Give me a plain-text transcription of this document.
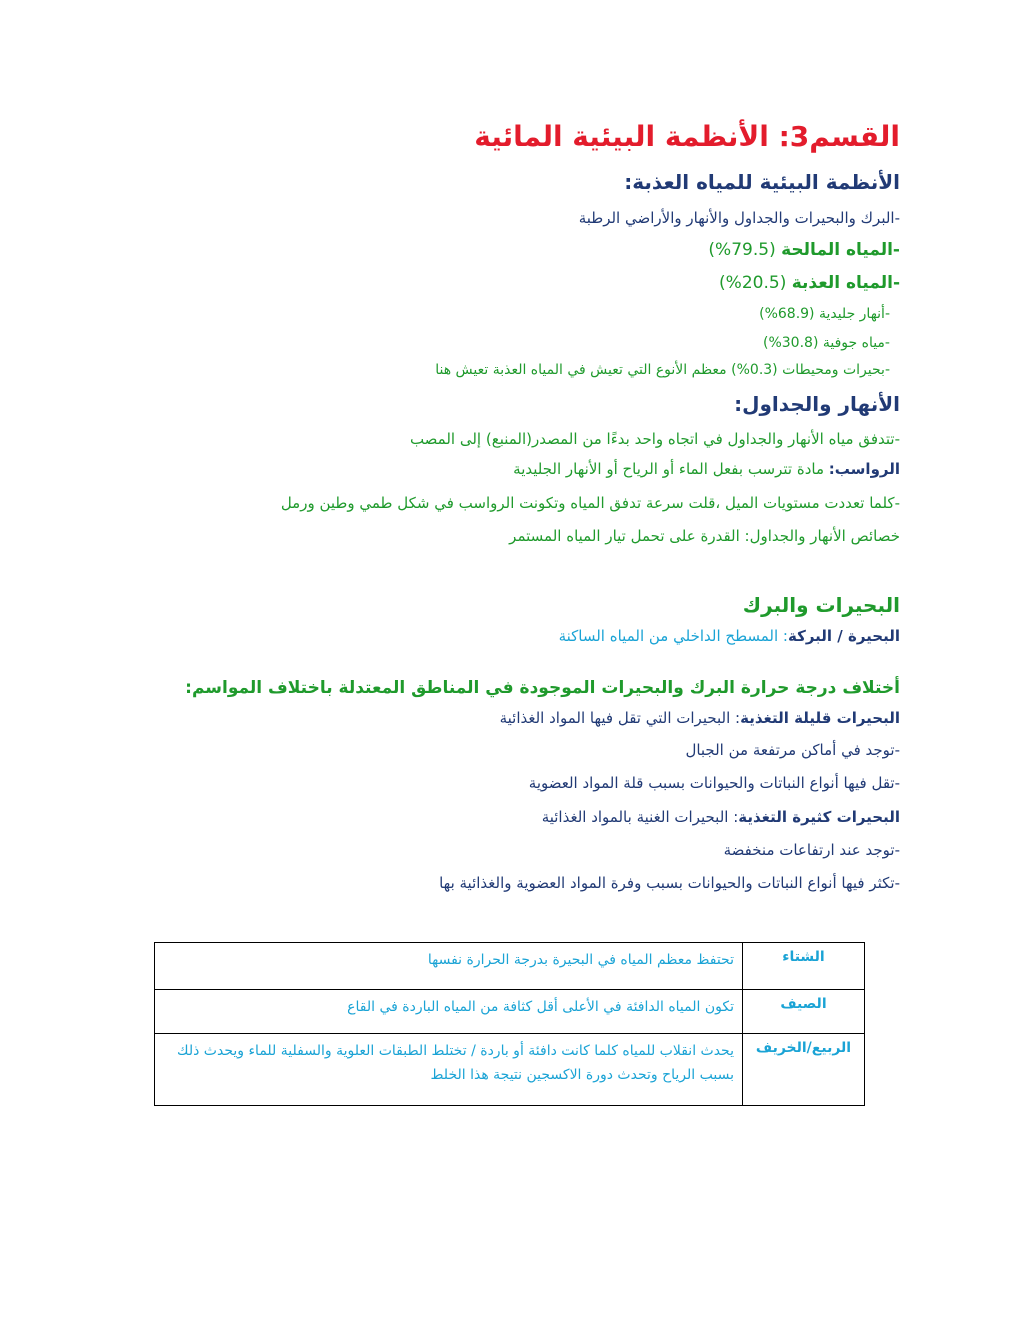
القسم3: الأنظمة البيئية المائية
الأنظمة البيئية للمياه العذبة:
-البرك والبحيرات والجداول والأنهار والأراضي الرطبة
-المياه المالحة (79.5%)
-المياه العذبة (20.5%)
-أنهار جليدية (68.9%)
-مياه جوفية (30.8%)
-بحيرات ومحيطات (0.3%) معظم الأنوع التي تعيش في المياه العذبة تعيش هنا
الأنهار والجداول:
-تتدفق مياه الأنهار والجداول في اتجاه واحد بدءًا من المصدر(المنبع) إلى المصب
الرواسب: مادة تترسب بفعل الماء أو الرياح أو الأنهار الجليدية
-كلما تعددت مستويات الميل ،قلت سرعة تدفق المياه وتكونت الرواسب في شكل طمي وطين ورمل
خصائص الأنهار والجداول: القدرة على تحمل تيار المياه المستمر
البحيرات والبرك
البحيرة / البركة: المسطح الداخلي من المياه الساكنة
أختلاف درجة حرارة البرك والبحيرات الموجودة في المناطق المعتدلة باختلاف المواسم:
البحيرات قليلة التغذية: البحيرات التي تقل فيها المواد الغذائية
-توجد في أماكن مرتفعة من الجبال
-تقل فيها أنواع النباتات والحيوانات بسبب قلة المواد العضوية
البحيرات كثيرة التغذية: البحيرات الغنية بالمواد الغذائية
-توجد عند ارتفاعات منخفضة
-تكثر فيها أنواع النباتات والحيوانات بسبب وفرة المواد العضوية والغذائية بها
الشتاء	تحتفظ معظم المياه في البحيرة بدرجة الحرارة نفسها
الصيف	تكون المياه الدافئة في الأعلى أقل كثافة من المياه الباردة في القاع
الربيع/الخريف	يحدث انقلاب للمياه كلما كانت دافئة أو باردة / تختلط الطبقات العلوية والسفلية للماء ويحدث ذلك بسبب الرياح وتحدث دورة الاكسجين نتيجة هذا الخلط
